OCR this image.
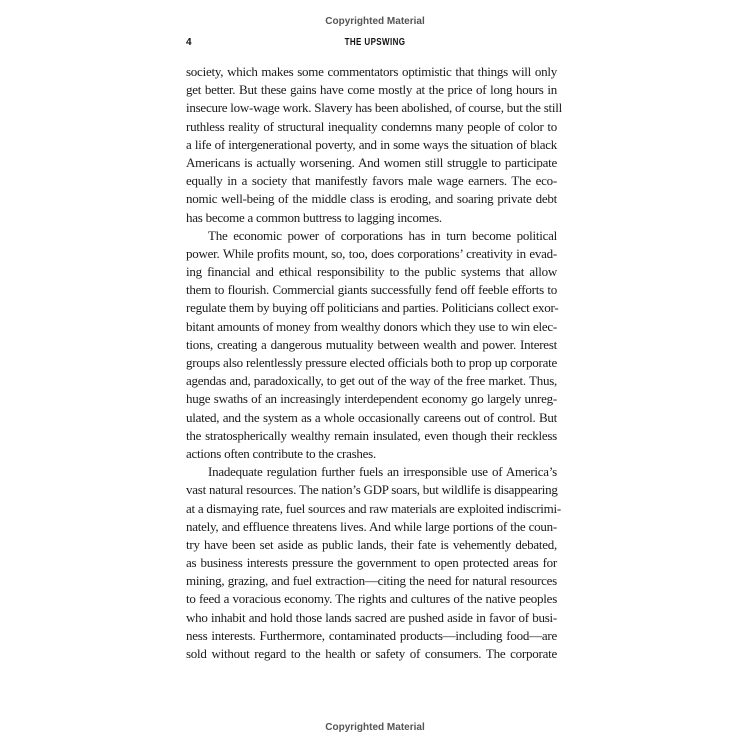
Copyrighted Material
4	THE UPSWING
society, which makes some commentators optimistic that things will only
get better. But these gains have come mostly at the price of long hours in
insecure low-wage work. Slavery has been abolished, of course, but the still
ruthless reality of structural inequality condemns many people of color to
a life of intergenerational poverty, and in some ways the situation of black
Americans is actually worsening. And women still struggle to participate
equally in a society that manifestly favors male wage earners. The eco-
nomic well-being of the middle class is eroding, and soaring private debt
has become a common buttress to lagging incomes.
The economic power of corporations has in turn become political
power. While profits mount, so, too, does corporations’ creativity in evad-
ing financial and ethical responsibility to the public systems that allow
them to flourish. Commercial giants successfully fend off feeble efforts to
regulate them by buying off politicians and parties. Politicians collect exor-
bitant amounts of money from wealthy donors which they use to win elec-
tions, creating a dangerous mutuality between wealth and power. Interest
groups also relentlessly pressure elected officials both to prop up corporate
agendas and, paradoxically, to get out of the way of the free market. Thus,
huge swaths of an increasingly interdependent economy go largely unreg-
ulated, and the system as a whole occasionally careens out of control. But
the stratospherically wealthy remain insulated, even though their reckless
actions often contribute to the crashes.
Inadequate regulation further fuels an irresponsible use of America’s
vast natural resources. The nation’s GDP soars, but wildlife is disappearing
at a dismaying rate, fuel sources and raw materials are exploited indiscrimi-
nately, and effluence threatens lives. And while large portions of the coun-
try have been set aside as public lands, their fate is vehemently debated,
as business interests pressure the government to open protected areas for
mining, grazing, and fuel extraction—citing the need for natural resources
to feed a voracious economy. The rights and cultures of the native peoples
who inhabit and hold those lands sacred are pushed aside in favor of busi-
ness interests. Furthermore, contaminated products—including food—are
sold without regard to the health or safety of consumers. The corporate
Copyrighted Material
